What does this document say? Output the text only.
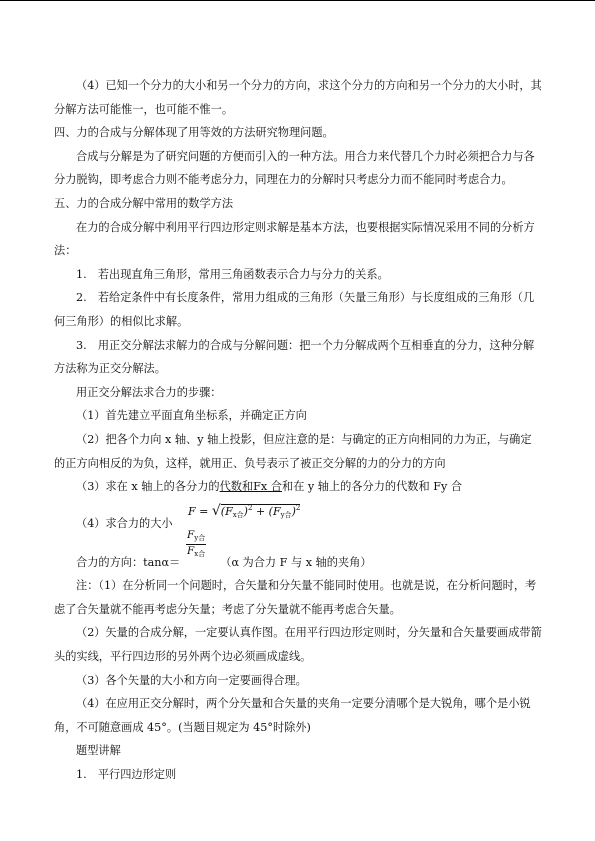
（4）已知一个分力的大小和另一个分力的方向，求这个分力的方向和另一个分力的大小时，其分解方法可能惟一，也可能不惟一。

四、力的合成与分解体现了用等效的方法研究物理问题。

合成与分解是为了研究问题的方便而引入的一种方法。用合力来代替几个力时必须把合力与各分力脱钩，即考虑合力则不能考虑分力，同理在力的分解时只考虑分力而不能同时考虑合力。

五、力的合成分解中常用的数学方法

在力的合成分解中利用平行四边形定则求解是基本方法，也要根据实际情况采用不同的分析方法：

1.　若出现直角三角形，常用三角函数表示合力与分力的关系。

2.　若给定条件中有长度条件，常用力组成的三角形（矢量三角形）与长度组成的三角形（几何三角形）的相似比求解。

3.　用正交分解法求解力的合成与分解问题：把一个力分解成两个互相垂直的分力，这种分解方法称为正交分解法。

用正交分解法求合力的步骤：

（1）首先建立平面直角坐标系，并确定正方向

（2）把各个力向 x 轴、y 轴上投影，但应注意的是：与确定的正方向相同的力为正，与确定的正方向相反的为负，这样，就用正、负号表示了被正交分解的力的分力的方向

（3）求在 x 轴上的各分力的代数和Fx 合和在 y 轴上的各分力的代数和 Fy 合

（4）求合力的大小
$F = √(F_{x合})^2 + (F_{y合})^2$
$F_{y合}$
$F_{x合}$

合力的方向：tanα＝	（α 为合力 F 与 x 轴的夹角）

注：（1）在分析同一个问题时，合矢量和分矢量不能同时使用。也就是说，在分析问题时，考虑了合矢量就不能再考虑分矢量；考虑了分矢量就不能再考虑合矢量。

（2）矢量的合成分解，一定要认真作图。在用平行四边形定则时，分矢量和合矢量要画成带箭头的实线，平行四边形的另外两个边必须画成虚线。

（3）各个矢量的大小和方向一定要画得合理。

（4）在应用正交分解时，两个分矢量和合矢量的夹角一定要分清哪个是大锐角，哪个是小锐角，不可随意画成 45°。(当题目规定为 45°时除外)

题型讲解

1.　平行四边形定则
